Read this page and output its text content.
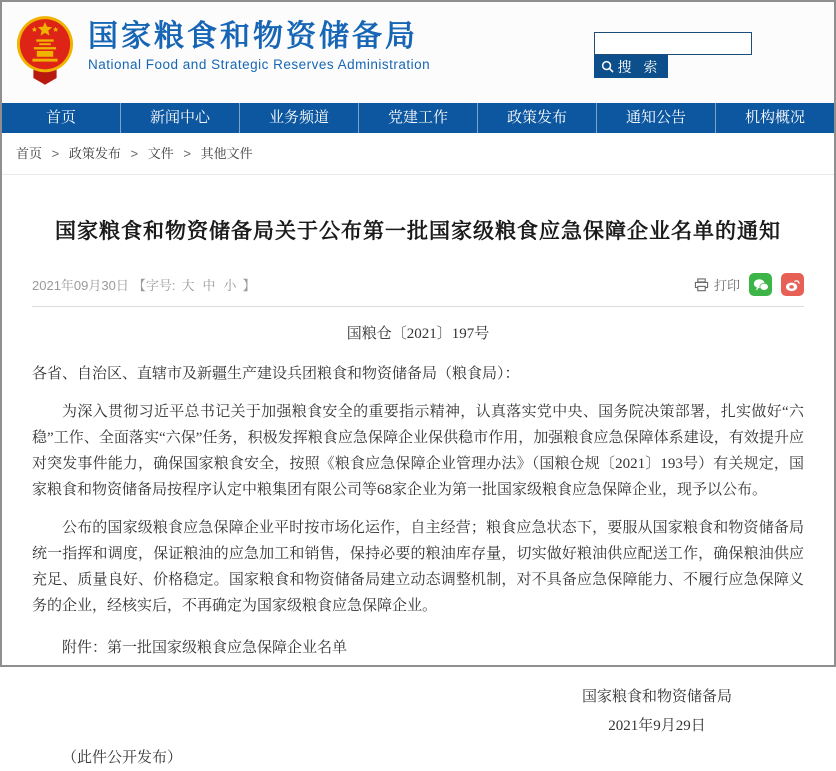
国家粮食和物资储备局
National Food and Strategic Reserves Administration	搜 索
首页	新闻中心	业务频道	党建工作	政策发布	通知公告	机构概况
首页 > 政策发布 > 文件 > 其他文件
国家粮食和物资储备局关于公布第一批国家级粮食应急保障企业名单的通知
2021年09月30日 【字号: 大 中 小 】	打印
国粮仓〔2021〕197号
各省、自治区、直辖市及新疆生产建设兵团粮食和物资储备局（粮食局）：

为深入贯彻习近平总书记关于加强粮食安全的重要指示精神，认真落实党中央、国务院决策部署，扎实做好“六稳”工作、全面落实“六保”任务，积极发挥粮食应急保障企业保供稳市作用，加强粮食应急保障体系建设，有效提升应对突发事件能力，确保国家粮食安全，按照《粮食应急保障企业管理办法》（国粮仓规〔2021〕193号）有关规定，国家粮食和物资储备局按程序认定中粮集团有限公司等68家企业为第一批国家级粮食应急保障企业，现予以公布。

公布的国家级粮食应急保障企业平时按市场化运作，自主经营；粮食应急状态下，要服从国家粮食和物资储备局统一指挥和调度，保证粮油的应急加工和销售，保持必要的粮油库存量，切实做好粮油供应配送工作，确保粮油供应充足、质量良好、价格稳定。国家粮食和物资储备局建立动态调整机制，对不具备应急保障能力、不履行应急保障义务的企业，经核实后，不再确定为国家级粮食应急保障企业。

附件：第一批国家级粮食应急保障企业名单
国家粮食和物资储备局
2021年9月29日
（此件公开发布）
